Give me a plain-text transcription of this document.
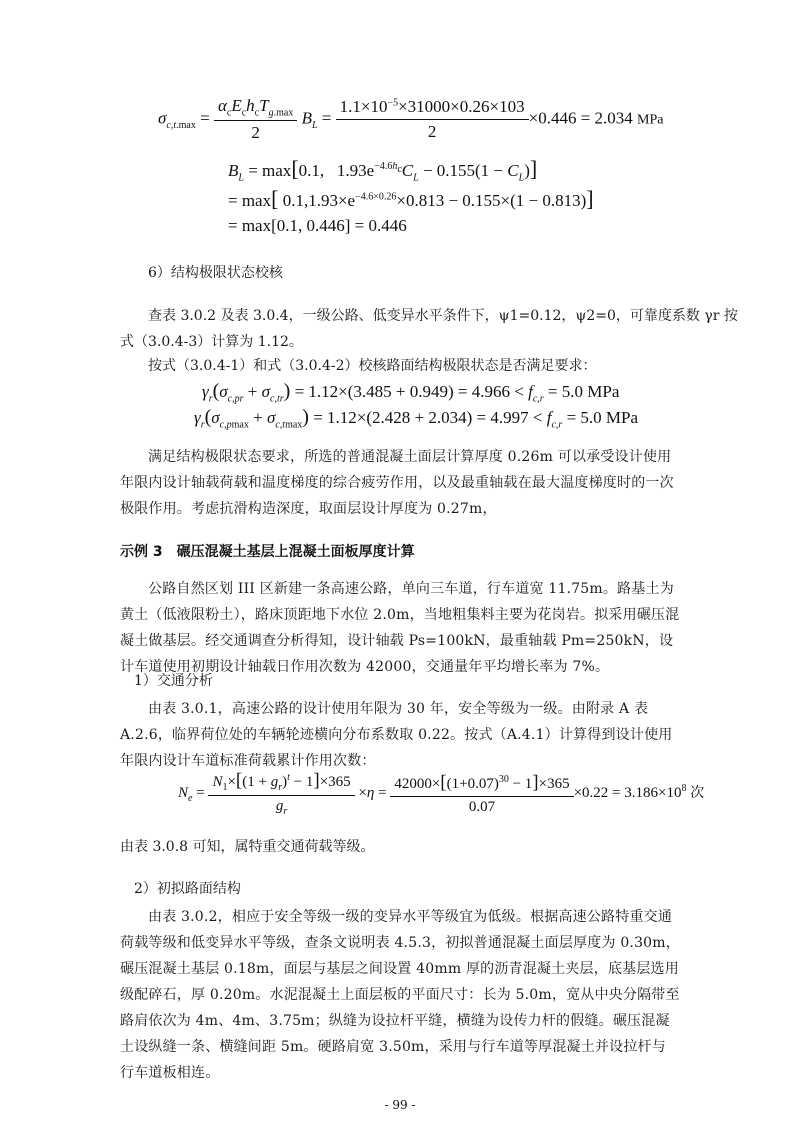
$\sigma_{c,t.max} = \frac{\alpha_cE_ch_cT_{g.max}}{2} B_L = \frac{1.1\times 10^{-5}\times 31000\times 0.26\times 103}{2} \times 0.446 = 2.034$ MPa
$B_L = \max[0.1$,   $1.93e^{-4.6h_c}C_L - 0.155(1 - C_L)$]
= max[ $0.1,1.93\times e^{-4.6\times 0.26}\times 0.813 - 0.155\times(1 - 0.813)$]
= max[0.1, 0.446] = 0.446
6）结构极限状态校核
查表 3.0.2 及表 3.0.4，一级公路、低变异水平条件下，ψ1=0.12，ψ2=0，可靠度系数 γr 按
式（3.0.4-3）计算为 1.12。
按式（3.0.4-1）和式（3.0.4-2）校核路面结构极限状态是否满足要求：
$\gamma_r(\sigma_{c,pr} + \sigma_{c,tr}) = 1.12\times(3.485 + 0.949) = 4.966 < f_{c,r} = 5.0$ MPa
$\gamma_r(\sigma_{c,pmax} + \sigma_{c,tmax}) = 1.12\times(2.428 + 2.034) = 4.997 < f_{c,r} = 5.0$ MPa
满足结构极限状态要求，所选的普通混凝土面层计算厚度 0.26m 可以承受设计使用年限内设计轴载荷载和温度梯度的综合疲劳作用，以及最重轴载在最大温度梯度时的一次极限作用。考虑抗滑构造深度，取面层设计厚度为 0.27m，
示例 3　碾压混凝土基层上混凝土面板厚度计算
公路自然区划 III 区新建一条高速公路，单向三车道，行车道宽 11.75m。路基土为黄土（低液限粉土），路床顶距地下水位 2.0m，当地粗集料主要为花岗岩。拟采用碾压混凝土做基层。经交通调查分析得知，设计轴载 Ps=100kN，最重轴载 Pm=250kN，设计车道使用初期设计轴载日作用次数为 42000，交通量年平均增长率为 7%。
1）交通分析
由表 3.0.1，高速公路的设计使用年限为 30 年，安全等级为一级。由附录 A 表 A.2.6，临界荷位处的车辆轮迹横向分布系数取 0.22。按式（A.4.1）计算得到设计使用年限内设计车道标准荷载累计作用次数：
$N_e = \frac{N_1\times[(1 + g_r)^t - 1]\times 365}{g_r} \times\eta = \frac{42000\times[(1+0.07)^{30} - 1]\times 365}{0.07} \times 0.22 = 3.186\times 10^8$ 次
由表 3.0.8 可知，属特重交通荷载等级。
2）初拟路面结构
由表 3.0.2，相应于安全等级一级的变异水平等级宜为低级。根据高速公路特重交通荷载等级和低变异水平等级，查条文说明表 4.5.3，初拟普通混凝土面层厚度为 0.30m，碾压混凝土基层 0.18m，面层与基层之间设置 40mm 厚的沥青混凝土夹层，底基层选用级配碎石，厚 0.20m。水泥混凝土上面层板的平面尺寸：长为 5.0m，宽从中央分隔带至路肩依次为 4m、4m、3.75m；纵缝为设拉杆平缝，横缝为设传力杆的假缝。碾压混凝土设纵缝一条、横缝间距 5m。硬路肩宽 3.50m，采用与行车道等厚混凝土并设拉杆与行车道板相连。
- 99 -
